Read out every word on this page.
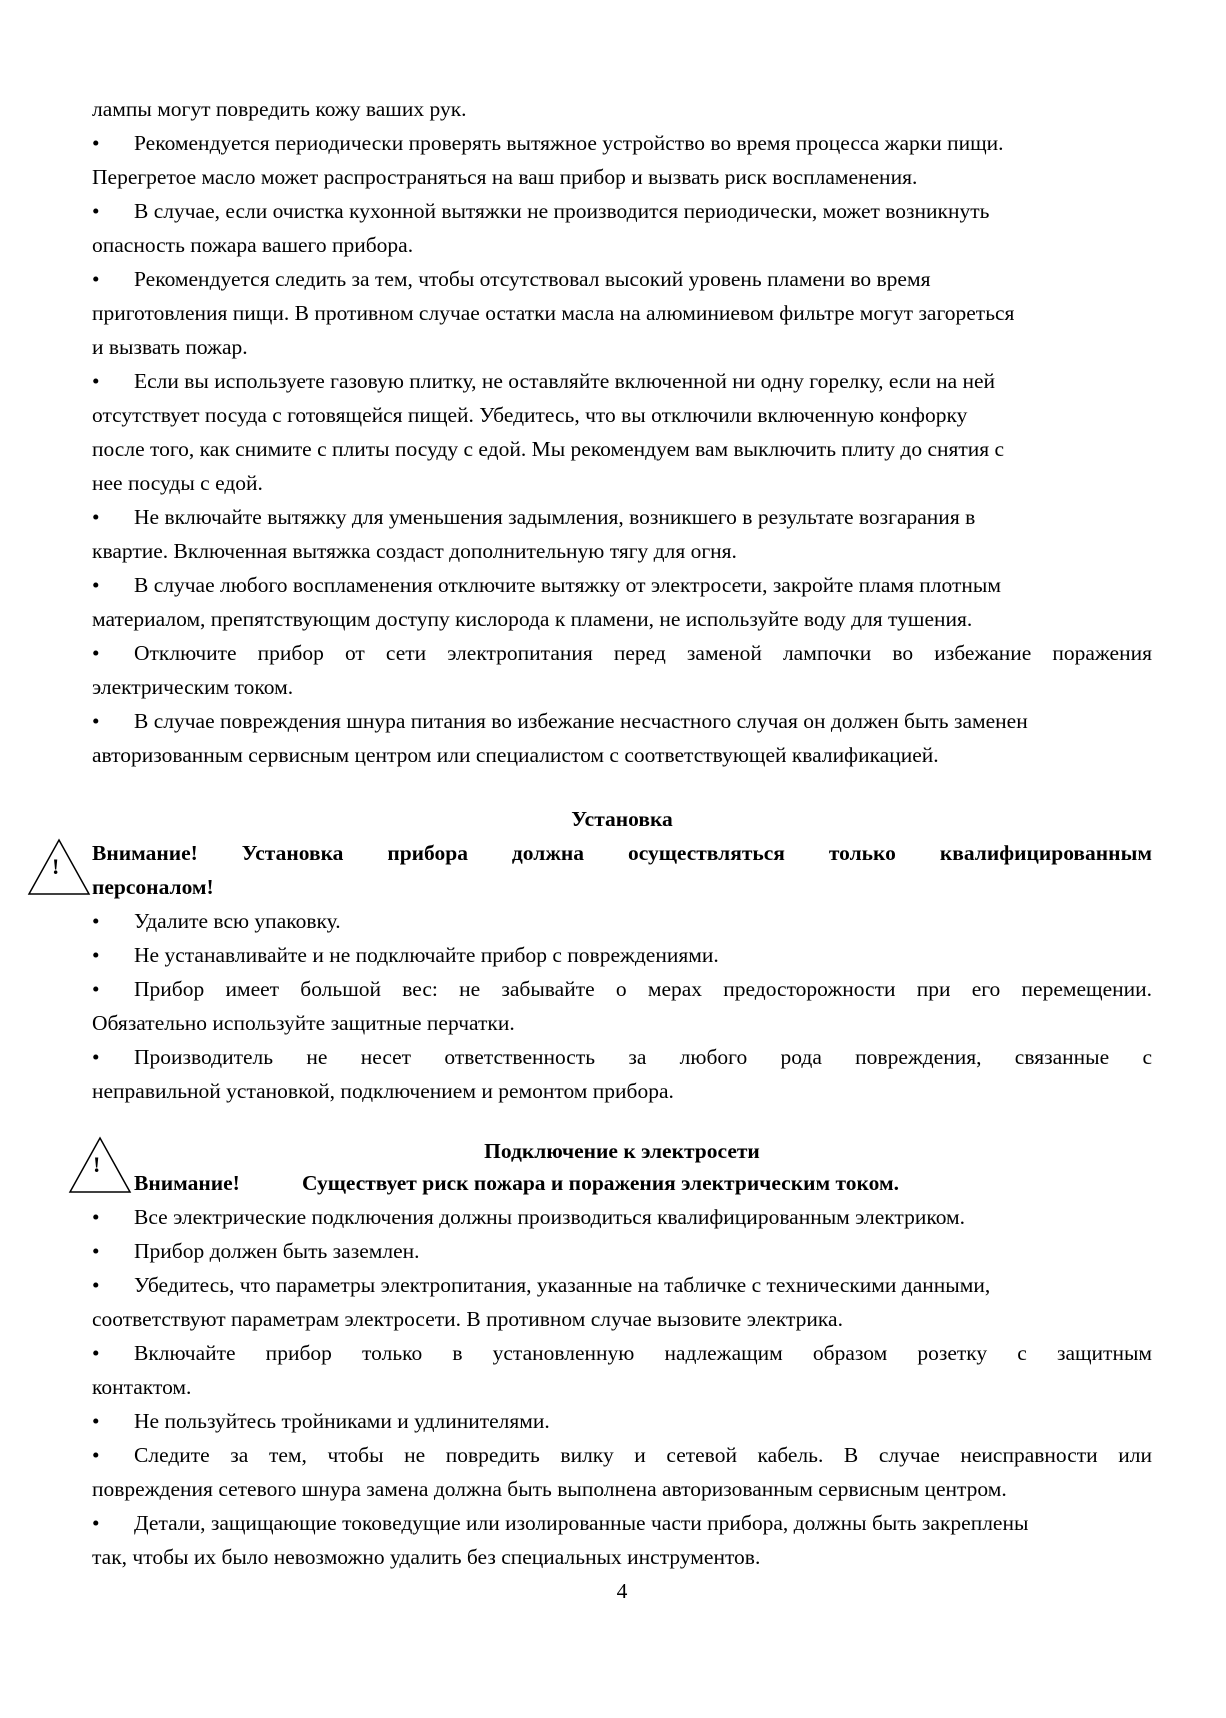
лампы могут повредить кожу ваших рук.
• Рекомендуется периодически проверять вытяжное устройство во время процесса жарки пищи.
Перегретое масло может распространяться на ваш прибор и вызвать риск воспламенения.
• В случае, если очистка кухонной вытяжки не производится периодически, может возникнуть
опасность пожара вашего прибора.
• Рекомендуется следить за тем, чтобы отсутствовал высокий уровень пламени во время
приготовления пищи. В противном случае остатки масла на алюминиевом фильтре могут загореться
и вызвать пожар.
• Если вы используете газовую плитку, не оставляйте включенной ни одну горелку, если на ней
отсутствует посуда с готовящейся пищей. Убедитесь, что вы отключили включенную конфорку
после того, как снимите с плиты посуду с едой. Мы рекомендуем вам выключить плиту до снятия с
нее посуды с едой.
• Не включайте вытяжку для уменьшения задымления, возникшего в результате возгарания в
квартие. Включенная вытяжка создаст дополнительную тягу для огня.
• В случае любого воспламенения отключите вытяжку от электросети, закройте пламя плотным
материалом, препятствующим доступу кислорода к пламени, не используйте воду для тушения.
• Отключите прибор от сети электропитания перед заменой лампочки во избежание поражения
электрическим током.
• В случае повреждения шнура питания во избежание несчастного случая он должен быть заменен
авторизованным сервисным центром или специалистом с соответствующей квалификацией.
Установка
!
Внимание! Установка прибора должна осуществляться только квалифицированным
персоналом!
• Удалите всю упаковку.
• Не устанавливайте и не подключайте прибор с повреждениями.
• Прибор имеет большой вес: не забывайте о мерах предосторожности при его перемещении.
Обязательно используйте защитные перчатки.
• Производитель не несет ответственность за любого рода повреждения, связанные с
неправильной установкой, подключением и ремонтом прибора.
Подключение к электросети
!
Внимание!	Существует риск пожара и поражения электрическим током.
• Все электрические подключения должны производиться квалифицированным электриком.
• Прибор должен быть заземлен.
• Убедитесь, что параметры электропитания, указанные на табличке с техническими данными,
соответствуют параметрам электросети. В противном случае вызовите электрика.
• Включайте прибор только в установленную надлежащим образом розетку с защитным
контактом.
• Не пользуйтесь тройниками и удлинителями.
• Следите за тем, чтобы не повредить вилку и сетевой кабель. В случае неисправности или
повреждения сетевого шнура замена должна быть выполнена авторизованным сервисным центром.
• Детали, защищающие токоведущие или изолированные части прибора, должны быть закреплены
так, чтобы их было невозможно удалить без специальных инструментов.
4
